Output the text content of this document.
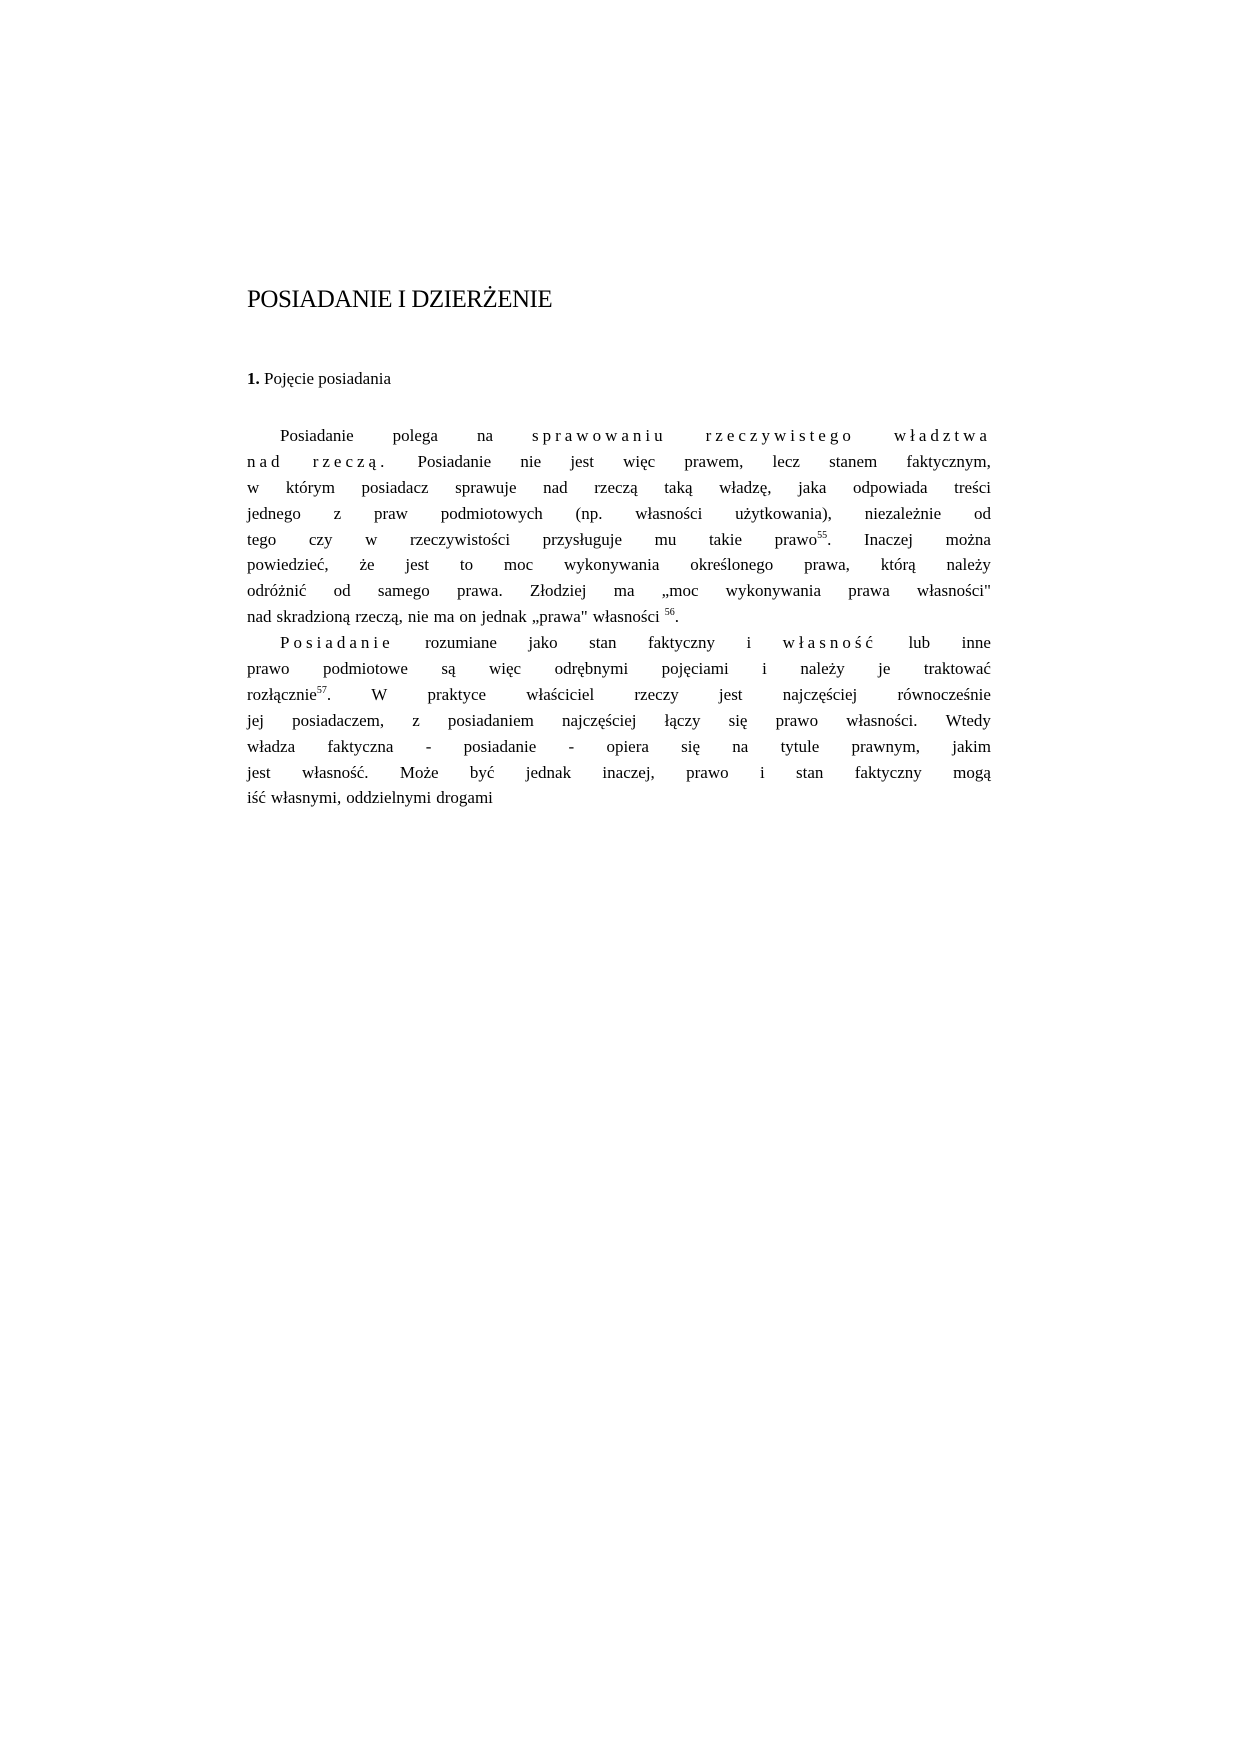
POSIADANIE I DZIERŻENIE
1. Pojęcie posiadania
Posiadanie polega na sprawowaniu rzeczywistego władztwa
nad rzeczą. Posiadanie nie jest więc prawem, lecz stanem faktycznym,
w którym posiadacz sprawuje nad rzeczą taką władzę, jaka odpowiada treści
jednego z praw podmiotowych (np. własności użytkowania), niezależnie od
tego czy w rzeczywistości przysługuje mu takie prawo$^{55}$. Inaczej można
powiedzieć, że jest to moc wykonywania określonego prawa, którą należy
odróżnić od samego prawa. Złodziej ma „moc wykonywania prawa własności"
nad skradzioną rzeczą, nie ma on jednak „prawa" własności $^{56}$.
Posiadanie rozumiane jako stan faktyczny i własność lub inne
prawo podmiotowe są więc odrębnymi pojęciami i należy je traktować
rozłącznie$^{57}$. W praktyce właściciel rzeczy jest najczęściej równocześnie
jej posiadaczem, z posiadaniem najczęściej łączy się prawo własności. Wtedy
władza faktyczna - posiadanie - opiera się na tytule prawnym, jakim
jest własność. Może być jednak inaczej, prawo i stan faktyczny mogą
iść własnymi, oddzielnymi drogami
